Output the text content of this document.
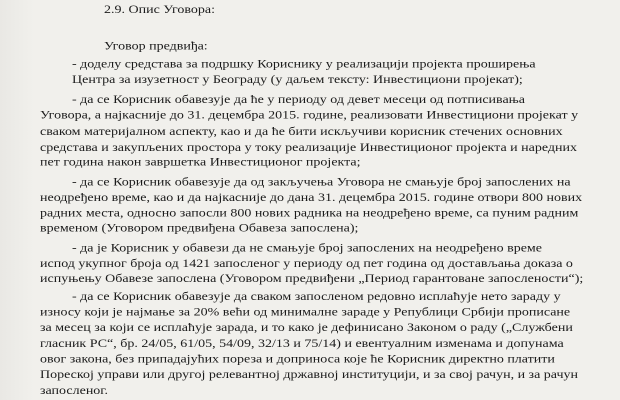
2.9. Опис Уговора:
Уговор предвиђа:
- доделу средстава за подршку Кориснику у реализацији пројекта проширења
Центра за изузетност у Београду (у даљем тексту: Инвестициони пројекат);
- да се Корисник обавезује да ће у периоду од девет месеци од потписивања
Уговора, а најкасније до 31. децембра 2015. године, реализовати Инвестициони пројекат у
сваком материјалном аспекту, као и да ће бити искључиви корисник стечених основних
средстава и закупљених простора у току реализације Инвестиционог пројекта и наредних
пет година након завршетка Инвестиционог пројекта;
- да се Корисник обавезује да од закључења Уговора не смањује број запослених на
неодређено време, као и да најкасније до дана 31. децембра 2015. године отвори 800 нових
радних места, односно запосли 800 нових радника на неодређено време, са пуним радним
временом (Уговором предвиђена Обавеза запослена);
- да је Корисник у обавези да не смањује број запослених на неодређено време
испод укупног броја од 1421 запосленог у периоду од пет година од достављања доказа о
испуњењу Обавезе запослена (Уговором предвиђени „Период гарантоване запослености“);
- да се Корисник обавезује да сваком запосленом редовно исплаћује нето зараду у
износу који је најмање за 20% већи од минималне зараде у Републици Србији прописане
за месец за који се исплаћује зарада, и то како је дефинисано Законом о раду („Службени
гласник РС“, бр. 24/05, 61/05, 54/09, 32/13 и 75/14) и евентуалним изменама и допунама
овог закона, без припадајућих пореза и доприноса које ће Корисник директно платити
Пореској управи или другој релевантној државној институцији, и за свој рачун, и за рачун
запосленог.
